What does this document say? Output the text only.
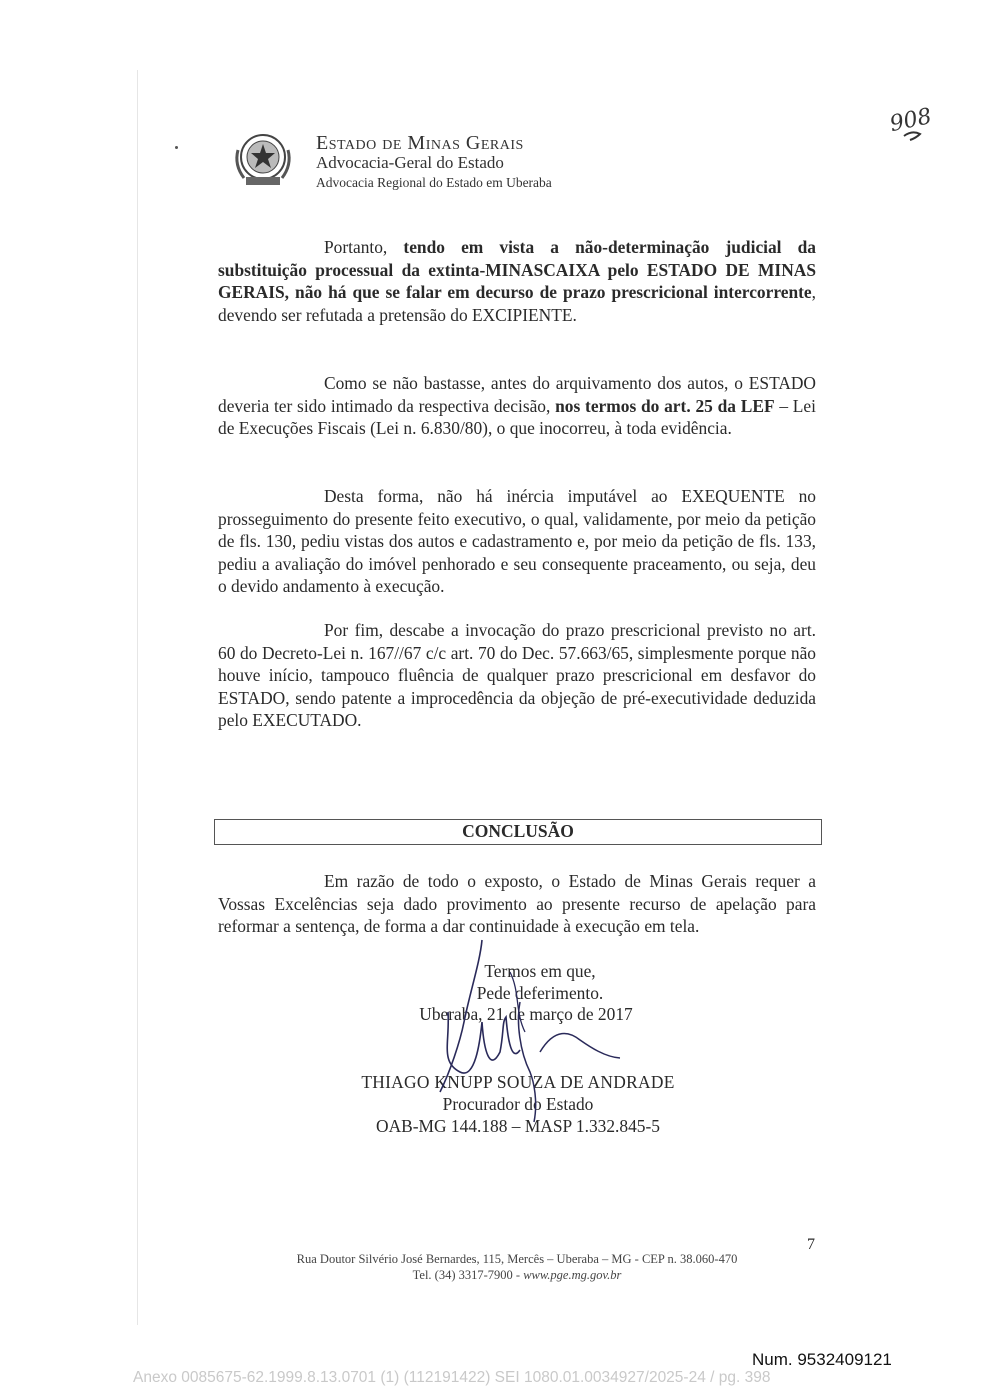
Estado de Minas Gerais
Advocacia-Geral do Estado
Advocacia Regional do Estado em Uberaba
908

Portanto, tendo em vista a não-determinação judicial da substituição processual da extinta-MINASCAIXA pelo ESTADO DE MINAS GERAIS, não há que se falar em decurso de prazo prescricional intercorrente, devendo ser refutada a pretensão do EXCIPIENTE.

Como se não bastasse, antes do arquivamento dos autos, o ESTADO deveria ter sido intimado da respectiva decisão, nos termos do art. 25 da LEF – Lei de Execuções Fiscais (Lei n. 6.830/80), o que inocorreu, à toda evidência.

Desta forma, não há inércia imputável ao EXEQUENTE no prosseguimento do presente feito executivo, o qual, validamente, por meio da petição de fls. 130, pediu vistas dos autos e cadastramento e, por meio da petição de fls. 133, pediu a avaliação do imóvel penhorado e seu consequente praceamento, ou seja, deu o devido andamento à execução.

Por fim, descabe a invocação do prazo prescricional previsto no art. 60 do Decreto-Lei n. 167//67 c/c art. 70 do Dec. 57.663/65, simplesmente porque não houve início, tampouco fluência de qualquer prazo prescricional em desfavor do ESTADO, sendo patente a improcedência da objeção de pré-executividade deduzida pelo EXECUTADO.

CONCLUSÃO

Em razão de todo o exposto, o Estado de Minas Gerais requer a Vossas Excelências seja dado provimento ao presente recurso de apelação para reformar a sentença, de forma a dar continuidade à execução em tela.

Termos em que,
Pede deferimento.
Uberaba, 21 de março de 2017
THIAGO KNUPP SOUZA DE ANDRADE
Procurador do Estado
OAB-MG 144.188 – MASP 1.332.845-5
7
Rua Doutor Silvério José Bernardes, 115, Mercês – Uberaba – MG - CEP n. 38.060-470
Tel. (34) 3317-7900 - www.pge.mg.gov.br
Num. 9532409121
Anexo 0085675-62.1999.8.13.0701 (1) (112191422) SEI 1080.01.0034927/2025-24 / pg. 398
